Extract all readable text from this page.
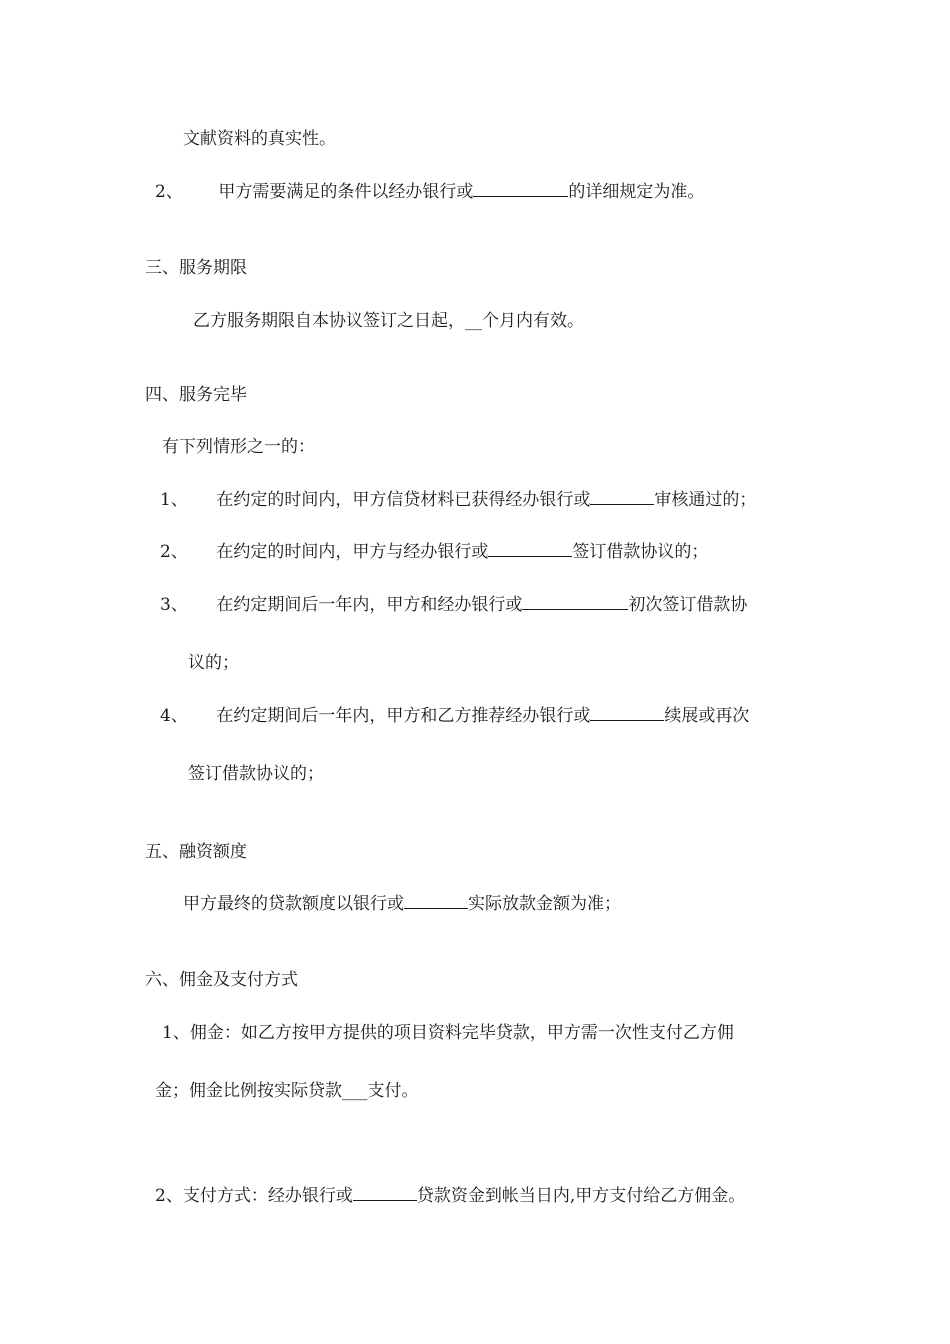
文献资料的真实性。
2、 甲方需要满足的条件以经办银行或	的详细规定为准。
三、服务期限
乙方服务期限自本协议签订之日起，__个月内有效。
四、服务完毕
有下列情形之一的：
1、 在约定的时间内，甲方信贷材料已获得经办银行或	审核通过的；
2、 在约定的时间内，甲方与经办银行或	签订借款协议的；
3、 在约定期间后一年内，甲方和经办银行或	初次签订借款协
议的；
4、 在约定期间后一年内，甲方和乙方推荐经办银行或	续展或再次
签订借款协议的；
五、融资额度
甲方最终的贷款额度以银行或	实际放款金额为准；
六、佣金及支付方式
1、佣金：如乙方按甲方提供的项目资料完毕贷款，甲方需一次性支付乙方佣
金；佣金比例按实际贷款___支付。
2、支付方式：经办银行或	贷款资金到帐当日内,甲方支付给乙方佣金。
